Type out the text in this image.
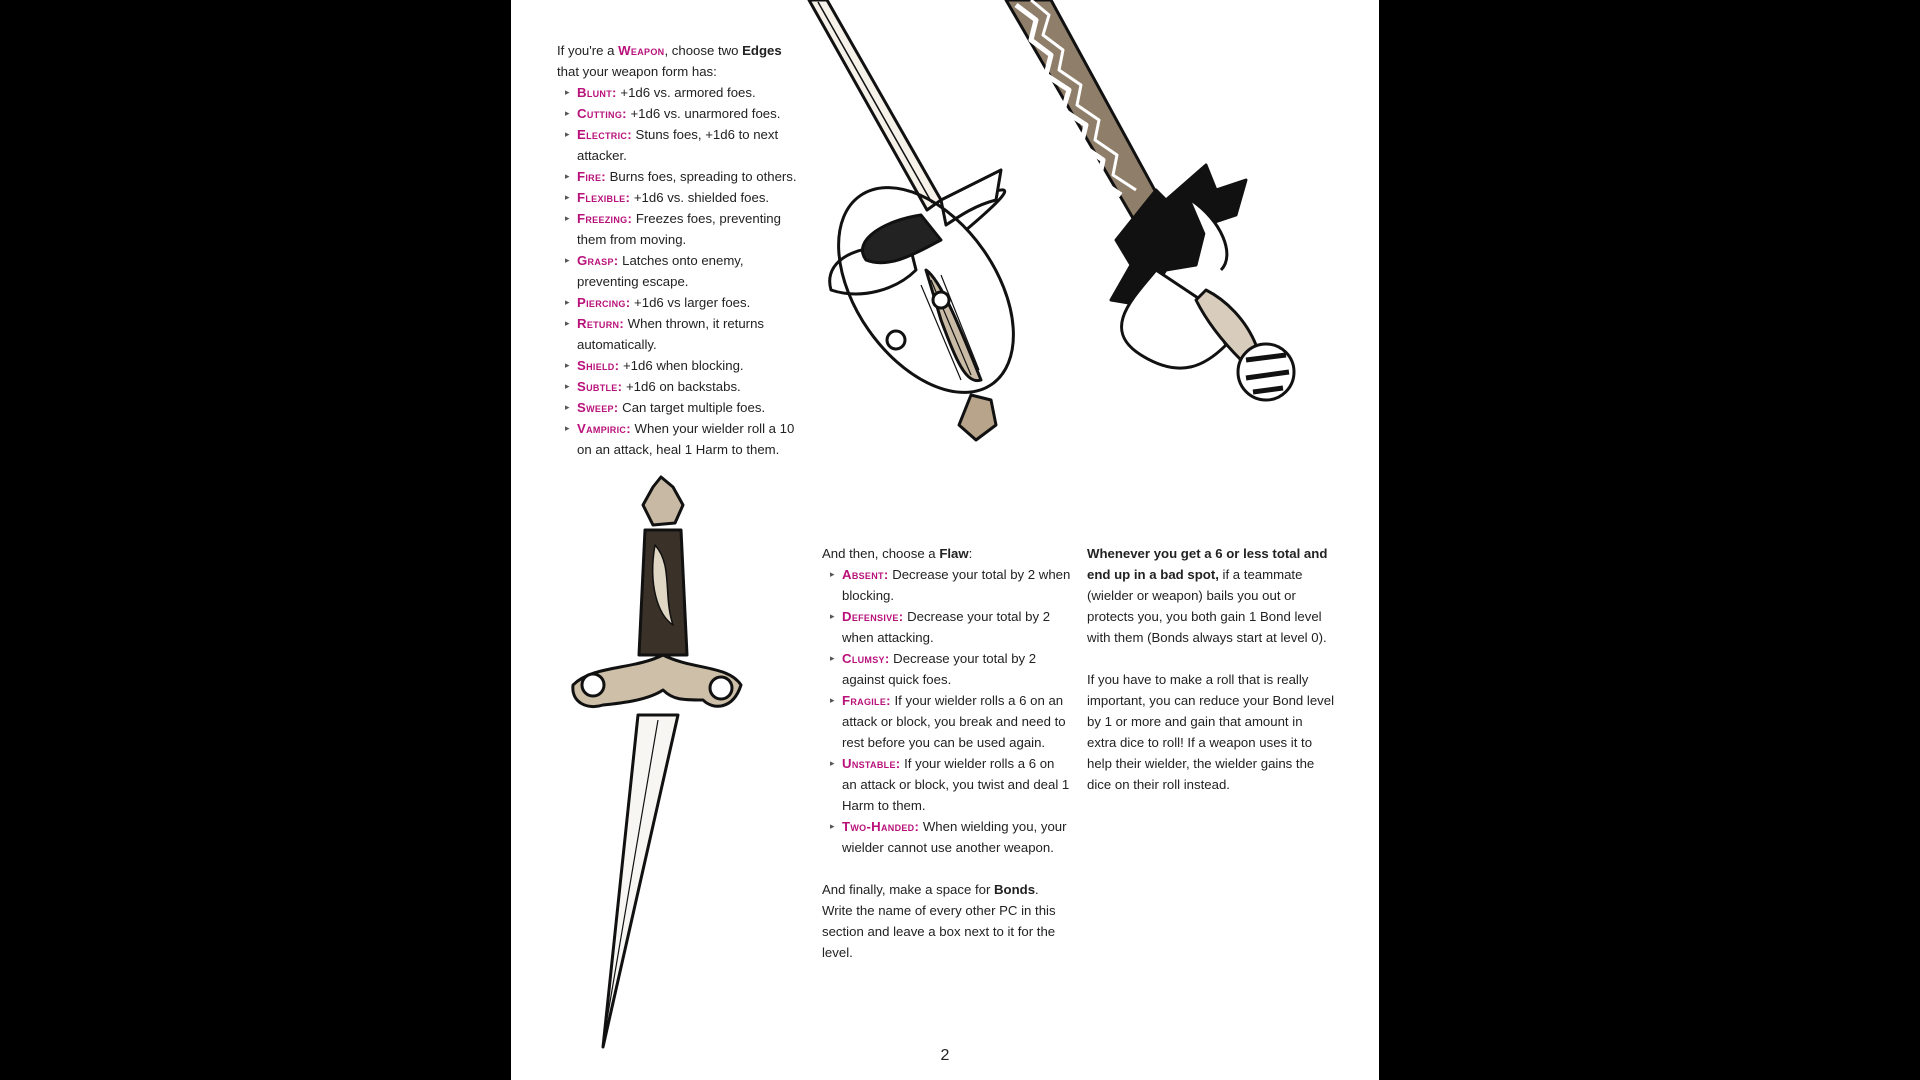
If you're a Weapon, choose two Edges that your weapon form has:

▸ Blunt: +1d6 vs. armored foes.
▸ Cutting: +1d6 vs. unarmored foes.
▸ Electric: Stuns foes, +1d6 to next attacker.
▸ Fire: Burns foes, spreading to others.
▸ Flexible: +1d6 vs. shielded foes.
▸ Freezing: Freezes foes, preventing them from moving.
▸ Grasp: Latches onto enemy, preventing escape.
▸ Piercing: +1d6 vs larger foes.
▸ Return: When thrown, it returns automatically.
▸ Shield: +1d6 when blocking.
▸ Subtle: +1d6 on backstabs.
▸ Sweep: Can target multiple foes.
▸ Vampiric: When your wielder roll a 10 on an attack, heal 1 Harm to them.

And then, choose a Flaw:

▸ Absent: Decrease your total by 2 when blocking.
▸ Defensive: Decrease your total by 2 when attacking.
▸ Clumsy: Decrease your total by 2 against quick foes.
▸ Fragile: If your wielder rolls a 6 on an attack or block, you break and need to rest before you can be used again.
▸ Unstable: If your wielder rolls a 6 on an attack or block, you twist and deal 1 Harm to them.
▸ Two-Handed: When wielding you, your wielder cannot use another weapon.

And finally, make a space for Bonds. Write the name of every other PC in this section and leave a box next to it for the level.

Whenever you get a 6 or less total and end up in a bad spot, if a teammate (wielder or weapon) bails you out or protects you, you both gain 1 Bond level with them (Bonds always start at level 0).

If you have to make a roll that is really important, you can reduce your Bond level by 1 or more and gain that amount in extra dice to roll! If a weapon uses it to help their wielder, the wielder gains the dice on their roll instead.

2
